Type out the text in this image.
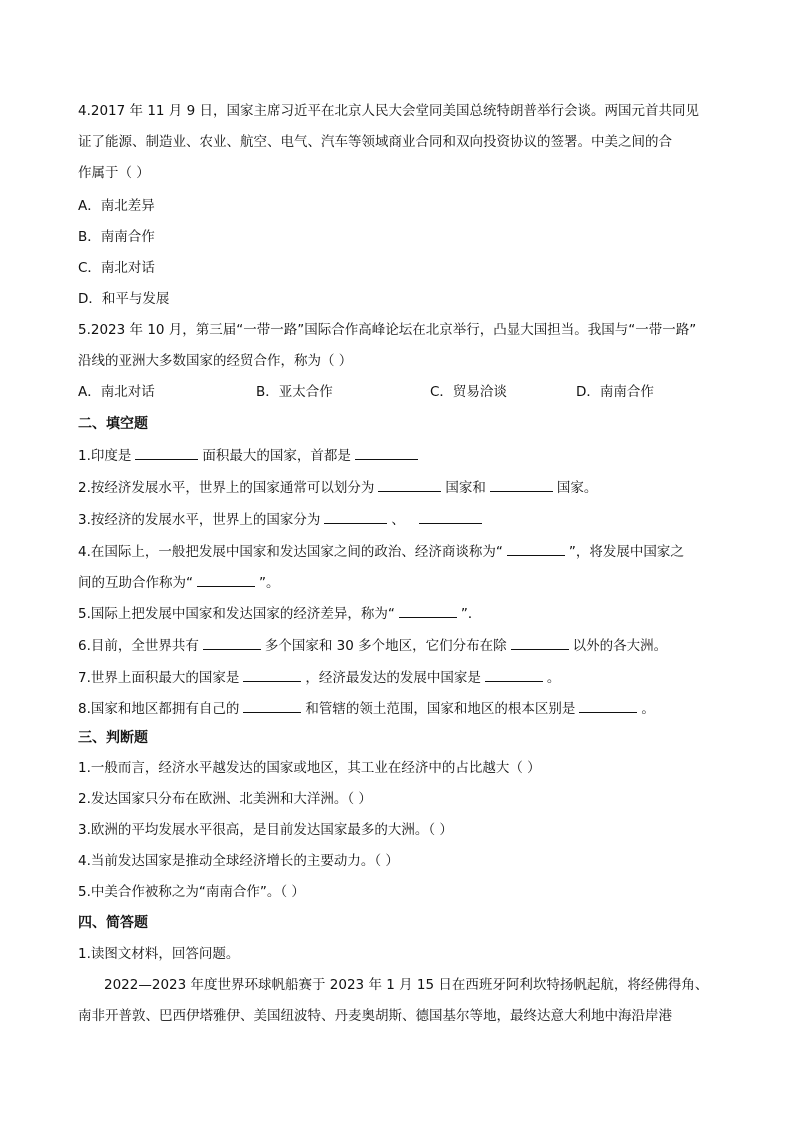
4.2017 年 11 月 9 日，国家主席习近平在北京人民大会堂同美国总统特朗普举行会谈。两国元首共同见
证了能源、制造业、农业、航空、电气、汽车等领域商业合同和双向投资协议的签署。中美之间的合
作属于（ ）
A．南北差异
B．南南合作
C．南北对话
D．和平与发展
5.2023 年 10 月，第三届“一带一路”国际合作高峰论坛在北京举行，凸显大国担当。我国与“一带一路”
沿线的亚洲大多数国家的经贸合作，称为（ ）
A．南北对话	B．亚太合作	C．贸易洽谈	D．南南合作
二、填空题
1.印度是	面积最大的国家，首都是
2.按经济发展水平，世界上的国家通常可以划分为	国家和	国家。
3.按经济的发展水平，世界上的国家分为	、
4.在国际上，一般把发展中国家和发达国家之间的政治、经济商谈称为“	”，将发展中国家之
间的互助合作称为“	”。
5.国际上把发展中国家和发达国家的经济差异，称为“	”．
6.目前，全世界共有	多个国家和 30 多个地区，它们分布在除	以外的各大洲。
7.世界上面积最大的国家是	，经济最发达的发展中国家是	。
8.国家和地区都拥有自己的	和管辖的领土范围，国家和地区的根本区别是	。
三、判断题
1.一般而言，经济水平越发达的国家或地区，其工业在经济中的占比越大（ ）
2.发达国家只分布在欧洲、北美洲和大洋洲。（ ）
3.欧洲的平均发展水平很高，是目前发达国家最多的大洲。（ ）
4.当前发达国家是推动全球经济增长的主要动力。（ ）
5.中美合作被称之为“南南合作”。（ ）
四、简答题
1.读图文材料，回答问题。
2022—2023 年度世界环球帆船赛于 2023 年 1 月 15 日在西班牙阿利坎特扬帆起航，将经佛得角、
南非开普敦、巴西伊塔雅伊、美国纽波特、丹麦奥胡斯、德国基尔等地，最终达意大利地中海沿岸港
